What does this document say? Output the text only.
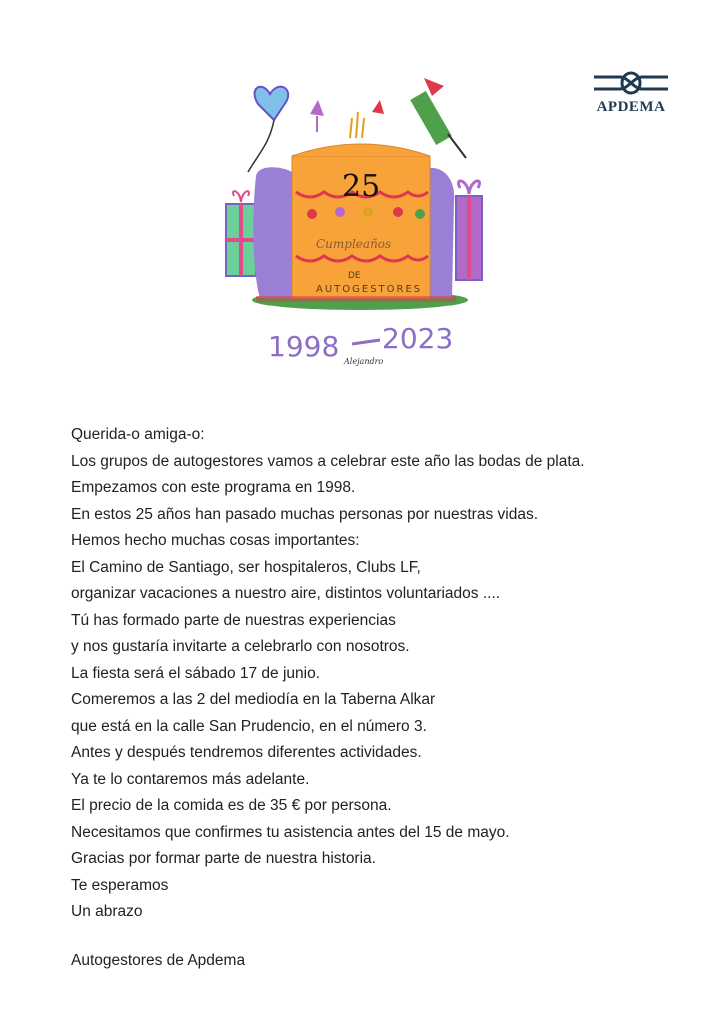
APDEMA
25
Cumpleaños
DE
AUTOGESTORES
1998 2023
Alejandro

Querida-o amiga-o:

Los grupos de autogestores vamos a celebrar este año las bodas de plata.

Empezamos con este programa en 1998.

En estos 25 años han pasado muchas personas por nuestras vidas.

Hemos hecho muchas cosas importantes:

El Camino de Santiago, ser hospitaleros, Clubs LF,

organizar vacaciones a nuestro aire, distintos voluntariados ....

Tú has formado parte de nuestras experiencias

y nos gustaría invitarte a celebrarlo con nosotros.

La fiesta será el sábado 17 de junio.

Comeremos a las 2 del mediodía en la Taberna Alkar

que está en la calle San Prudencio, en el número 3.

Antes y después tendremos diferentes actividades.

Ya te lo contaremos más adelante.

El precio de la comida es de 35 € por persona.

Necesitamos que confirmes tu asistencia antes del 15 de mayo.

Gracias por formar parte de nuestra historia.

Te esperamos

Un abrazo

Autogestores de Apdema
